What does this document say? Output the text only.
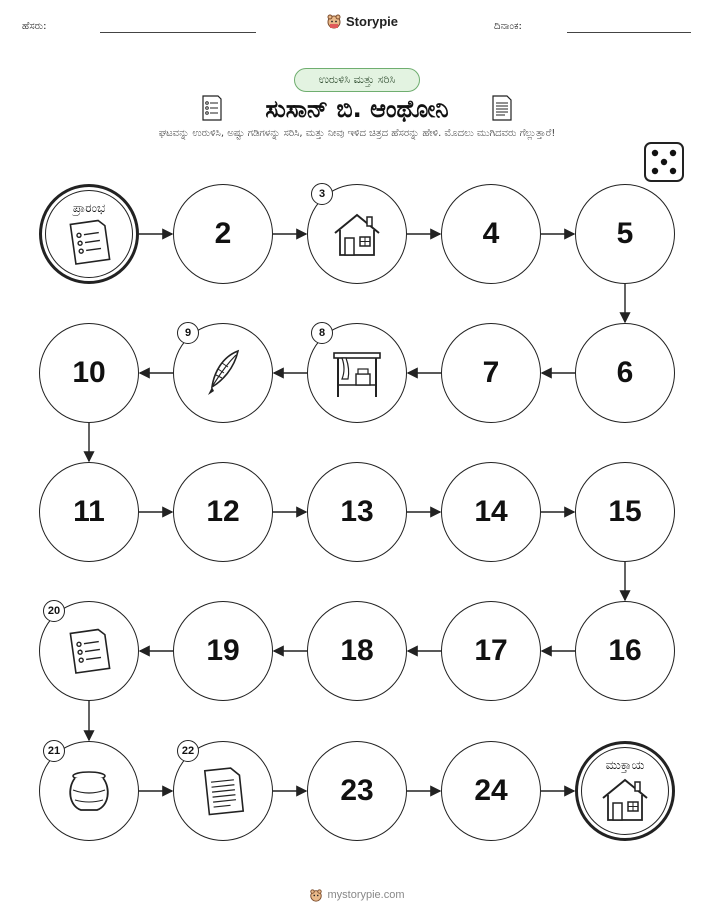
ಹೆಸರು:	Storypie	ದಿನಾಂಕ:
ಉರುಳಿಸಿ ಮತ್ತು ಸರಿಸಿ
ಸುಸಾನ್ ಬಿ. ಆಂಥೋನಿ
ಘಟವನ್ನು ಉರುಳಿಸಿ, ಅಷ್ಟು ಗಡಿಗಳನ್ನು ಸರಿಸಿ, ಮತ್ತು ನೀವು ಇಳಿದ ಚಿತ್ರದ ಹೆಸರನ್ನು ಹೇಳಿ. ಮೊದಲು ಮುಗಿದವರು ಗೆಲ್ಲುತ್ತಾರೆ!
ಪ್ರಾರಂಭ
2
3
4	5
6
7
8
9
10
11	12	13	14	15
16
17
18
19
20
21	22
23	24
ಮುಕ್ತಾಯ
mystorypie.com
